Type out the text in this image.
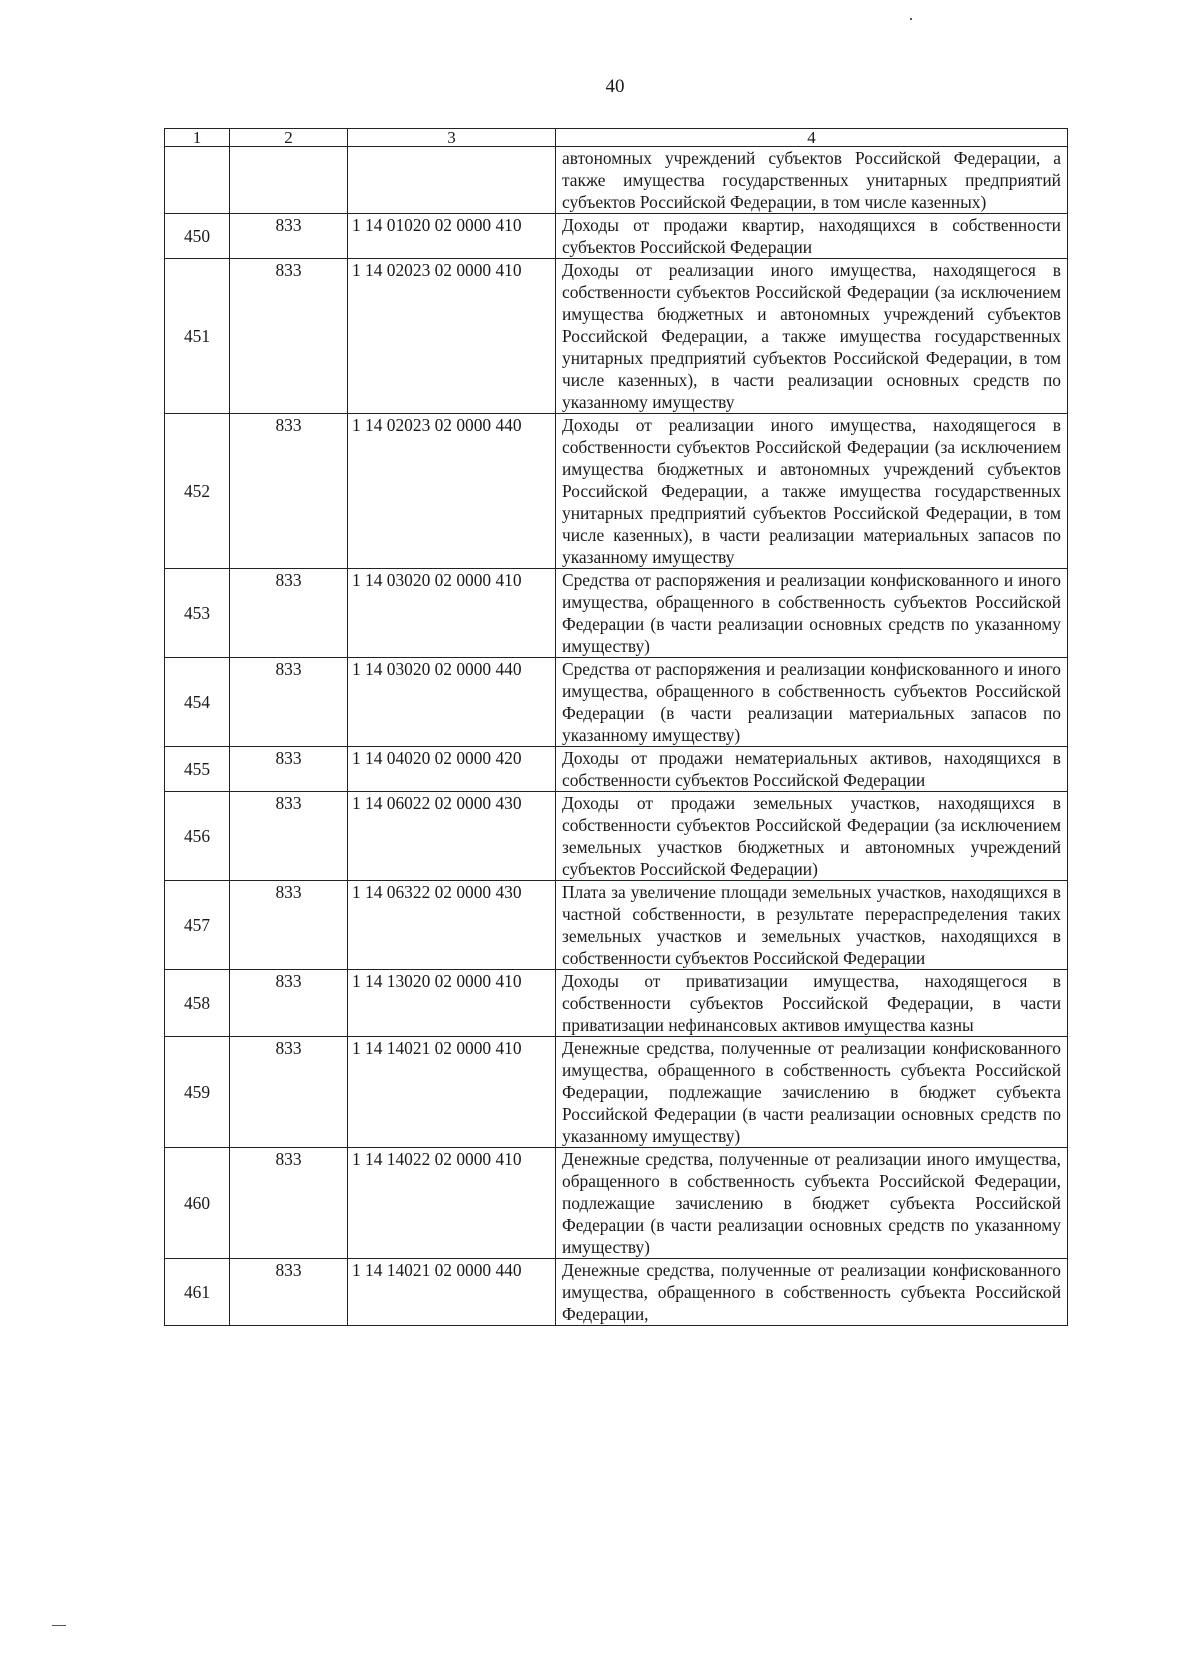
40
1	2	3	4
			автономных учреждений субъектов Российской Федерации, а также имущества государственных унитарных предприятий субъектов Российской Федерации, в том числе казенных)
450	833	1 14 01020 02 0000 410	Доходы от продажи квартир, находящихся в собственности субъектов Российской Федерации
451	833	1 14 02023 02 0000 410	Доходы от реализации иного имущества, находящегося в собственности субъектов Российской Федерации (за исключением имущества бюджетных и автономных учреждений субъектов Российской Федерации, а также имущества государственных унитарных предприятий субъектов Российской Федерации, в том числе казенных), в части реализации основных средств по указанному имуществу
452	833	1 14 02023 02 0000 440	Доходы от реализации иного имущества, находящегося в собственности субъектов Российской Федерации (за исключением имущества бюджетных и автономных учреждений субъектов Российской Федерации, а также имущества государственных унитарных предприятий субъектов Российской Федерации, в том числе казенных), в части реализации материальных запасов по указанному имуществу
453	833	1 14 03020 02 0000 410	Средства от распоряжения и реализации конфискованного и иного имущества, обращенного в собственность субъектов Российской Федерации (в части реализации основных средств по указанному имуществу)
454	833	1 14 03020 02 0000 440	Средства от распоряжения и реализации конфискованного и иного имущества, обращенного в собственность субъектов Российской Федерации (в части реализации материальных запасов по указанному имуществу)
455	833	1 14 04020 02 0000 420	Доходы от продажи нематериальных активов, находящихся в собственности субъектов Российской Федерации
456	833	1 14 06022 02 0000 430	Доходы от продажи земельных участков, находящихся в собственности субъектов Российской Федерации (за исключением земельных участков бюджетных и автономных учреждений субъектов Российской Федерации)
457	833	1 14 06322 02 0000 430	Плата за увеличение площади земельных участков, находящихся в частной собственности, в результате перераспределения таких земельных участков и земельных участков, находящихся в собственности субъектов Российской Федерации
458	833	1 14 13020 02 0000 410	Доходы от приватизации имущества, находящегося в собственности субъектов Российской Федерации, в части приватизации нефинансовых активов имущества казны
459	833	1 14 14021 02 0000 410	Денежные средства, полученные от реализации конфискованного имущества, обращенного в собственность субъекта Российской Федерации, подлежащие зачислению в бюджет субъекта Российской Федерации (в части реализации основных средств по указанному имуществу)
460	833	1 14 14022 02 0000 410	Денежные средства, полученные от реализации иного имущества, обращенного в собственность субъекта Российской Федерации, подлежащие зачислению в бюджет субъекта Российской Федерации (в части реализации основных средств по указанному имуществу)
461	833	1 14 14021 02 0000 440	Денежные средства, полученные от реализации конфискованного имущества, обращенного в собственность субъекта Российской Федерации,
